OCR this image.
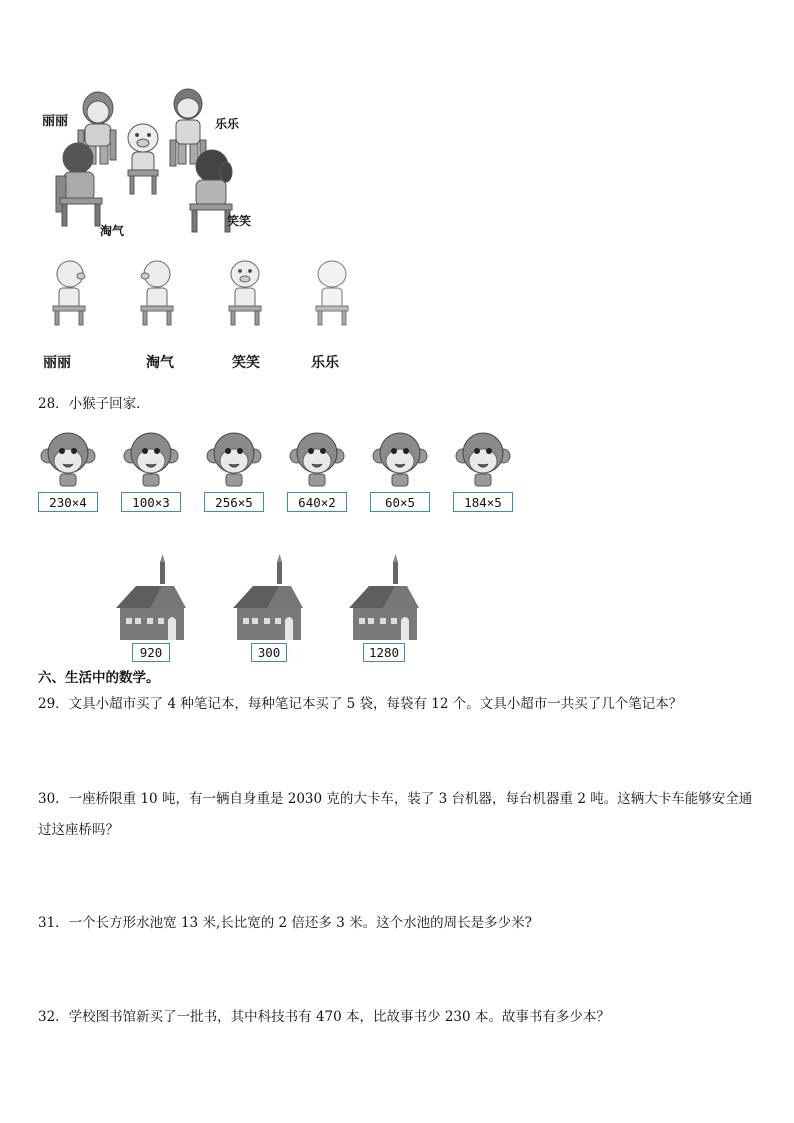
丽丽	乐乐
淘气
笑笑
丽丽	淘气	笑笑	乐乐
28．小猴子回家．
230×4	100×3	256×5	640×2	60×5	184×5
920	300	1280
六、生活中的数学。
29．文具小超市买了 4 种笔记本，每种笔记本买了 5 袋，每袋有 12 个。文具小超市一共买了几个笔记本？
30．一座桥限重 10 吨，有一辆自身重是 2030 克的大卡车，装了 3 台机器，每台机器重 2 吨。这辆大卡车能够安全通
过这座桥吗？
31．一个长方形水池宽 13 米,长比宽的 2 倍还多 3 米。这个水池的周长是多少米?
32．学校图书馆新买了一批书，其中科技书有 470 本，比故事书少 230 本。故事书有多少本？
